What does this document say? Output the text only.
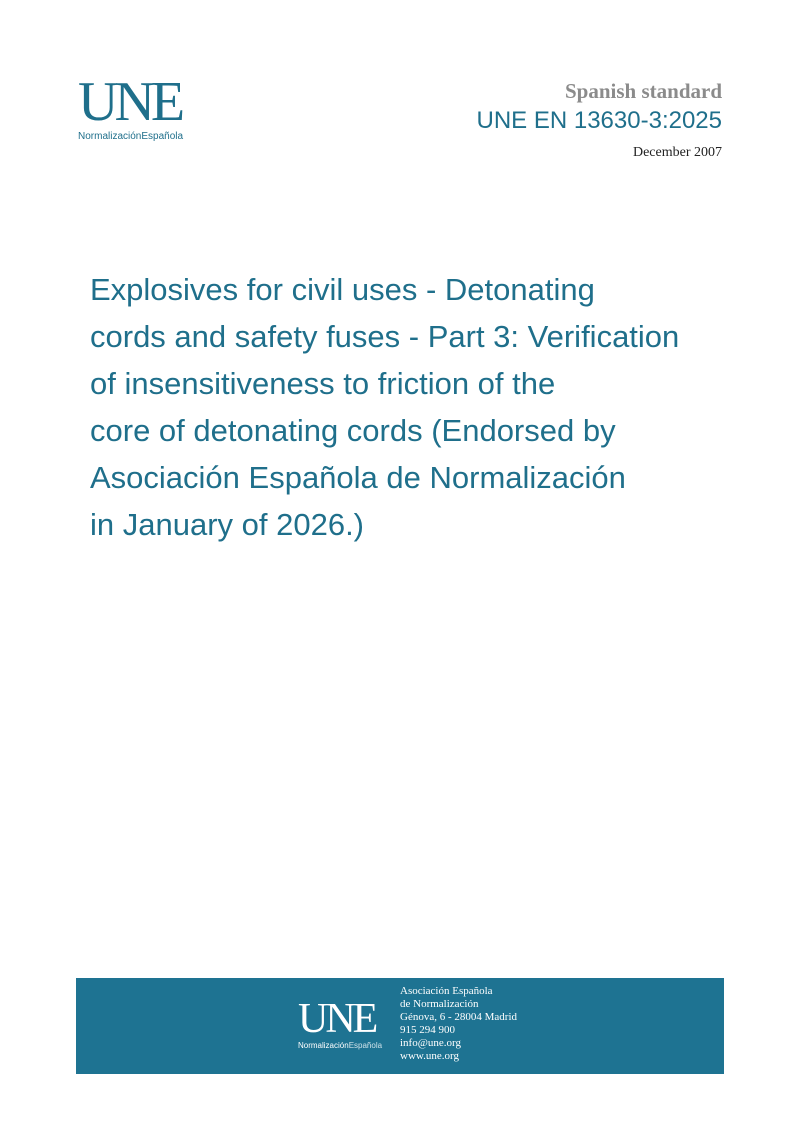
UNE
NormalizaciónEspañola
Spanish standard
UNE EN 13630-3:2025
December 2007
Explosives for civil uses - Detonating
cords and safety fuses - Part 3: Verification
of insensitiveness to friction of the
core of detonating cords (Endorsed by
Asociación Española de Normalización
in January of 2026.)
UNE
NormalizaciónEspañola
Asociación Española
de Normalización
Génova, 6 - 28004 Madrid
915 294 900
info@une.org
www.une.org
